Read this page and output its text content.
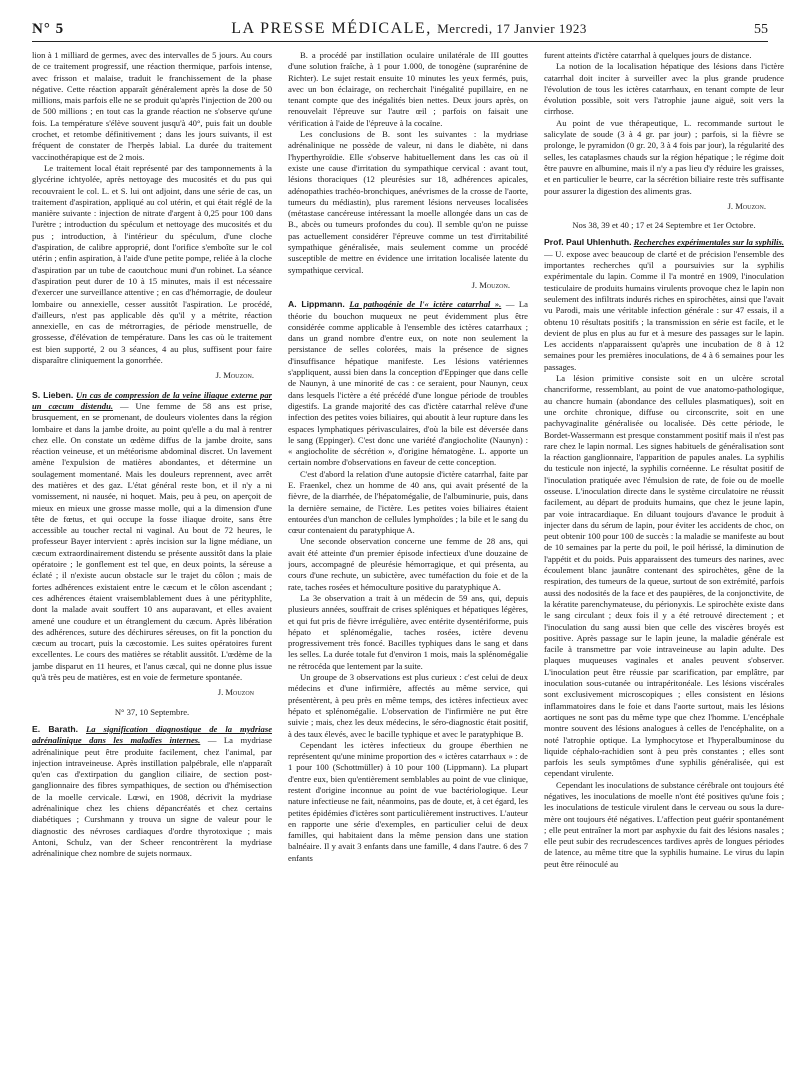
N° 5	LA PRESSE MÉDICALE, Mercredi, 17 Janvier 1923	55

lion à 1 milliard de germes, avec des intervalles de 5 jours. Au cours de ce traitement progressif, une réaction thermique, parfois intense, avec frisson et malaise, traduit le franchissement de la phase négative. Cette réaction apparaît généralement après la dose de 50 millions, mais parfois elle ne se produit qu'après l'injection de 200 ou de 500 millions ; en tout cas la grande réaction ne s'observe qu'une fois. La température s'élève souvent jusqu'à 40°, puis fait un double crochet, et retombe définitivement ; dans les jours suivants, il est fréquent de constater de l'herpès labial. La durée du traitement vaccinothérapique est de 2 mois.

Le traitement local était représenté par des tamponnements à la glycérine ichtyolée, après nettoyage des mucosités et du pus qui recouvraient le col. L. et S. lui ont adjoint, dans une série de cas, un traitement d'aspiration, appliqué au col utérin, et qui était réglé de la manière suivante : injection de nitrate d'argent à 0,25 pour 100 dans l'urètre ; introduction du spéculum et nettoyage des mucosités et du pus ; introduction, à l'intérieur du spéculum, d'une cloche d'aspiration, de calibre approprié, dont l'orifice s'emboîte sur le col utérin ; enfin aspiration, à l'aide d'une petite pompe, reliée à la cloche d'aspiration par un tube de caoutchouc muni d'un robinet. La séance d'aspiration peut durer de 10 à 15 minutes, mais il est nécessaire d'exercer une surveillance attentive ; en cas d'hémorragie, de douleur lombaire ou annexielle, cesser aussitôt l'aspiration. Le procédé, d'ailleurs, n'est pas applicable dès qu'il y a métrite, réaction annexielle, en cas de métrorragies, de période menstruelle, de grossesse, d'élévation de température. Dans les cas où le traitement est bien supporté, 2 ou 3 séances, 4 au plus, suffisent pour faire disparaître cliniquement la gonorrhée.

J. Mouzon.

S. Lieben. Un cas de compression de la veine iliaque externe par un cæcum distendu. — Une femme de 58 ans est prise, brusquement, en se promenant, de douleurs violentes dans la région lombaire et dans la jambe droite, au point qu'elle a du mal à rentrer chez elle. On constate un œdème diffus de la jambe droite, sans réaction veineuse, et un météorisme abdominal discret. Un lavement amène l'expulsion de matières abondantes, et détermine un soulagement momentané. Mais les douleurs reprennent, avec arrêt des matières et des gaz. L'état général reste bon, et il n'y a ni vomissement, ni nausée, ni hoquet. Mais, peu à peu, on aperçoit de mieux en mieux une grosse masse molle, qui a la dimension d'une tête de fœtus, et qui occupe la fosse iliaque droite, sans être accessible au toucher rectal ni vaginal. Au bout de 72 heures, le professeur Bayer intervient : après incision sur la ligne médiane, un cæcum extraordinairement distendu se présente aussitôt dans la plaie opératoire ; le gonflement est tel que, en deux points, la séreuse a éclaté ; il n'existe aucun obstacle sur le trajet du côlon ; mais de fortes adhérences existaient entre le cæcum et le côlon ascendant ; ces adhérences étaient vraisemblablement dues à une pérityphlite, dont la malade avait souffert 10 ans auparavant, et elles avaient amené une coudure et un étranglement du cæcum. Après libération des adhérences, suture des déchirures séreuses, on fit la ponction du cæcum au trocart, puis la cæcostomie. Les suites opératoires furent excellentes. Le cours des matières se rétablit aussitôt. L'œdème de la jambe disparut en 11 heures, et l'anus cæcal, qui ne donne plus issue qu'à très peu de matières, est en voie de fermeture spontanée.

J. Mouzon
N° 37, 10 Septembre.

E. Barath. La signification diagnostique de la mydriase adrénalinique dans les maladies internes. — La mydriase adrénalinique peut être produite facilement, chez l'animal, par injection intraveineuse. Après instillation palpébrale, elle n'apparaît qu'en cas d'extirpation du ganglion ciliaire, de section post-ganglionnaire des fibres sympathiques, de section ou d'hémisection de la moelle cervicale. Lœwi, en 1908, décrivit la mydriase adrénalinique chez les chiens dépancréatés et chez certains diabétiques ; Curshmann y trouva un signe de valeur pour le diagnostic des névroses cardiaques d'ordre thyrotoxique ; mais Antoni, Schulz, van der Scheer rencontrèrent la mydriase adrénalinique chez nombre de sujets normaux.

B. a procédé par instillation oculaire unilatérale de III gouttes d'une solution fraîche, à 1 pour 1.000, de tonogène (suprarénine de Richter). Le sujet restait ensuite 10 minutes les yeux fermés, puis, avec un bon éclairage, on recherchait l'inégalité pupillaire, en ne tenant compte que des inégalités bien nettes. Deux jours après, on renouvelait l'épreuve sur l'autre œil ; parfois on faisait une vérification à l'aide de l'épreuve à la cocaïne.

Les conclusions de B. sont les suivantes : la mydriase adrénalinique ne possède de valeur, ni dans le diabète, ni dans l'hyperthyroïdie. Elle s'observe habituellement dans les cas où il existe une cause d'irritation du sympathique cervical : avant tout, lésions thoraciques (12 pleurésies sur 18, adhérences apicales, adénopathies trachéo-bronchiques, anévrismes de la crosse de l'aorte, tumeurs du médiastin), plus rarement lésions nerveuses localisées (métastase cancéreuse intéressant la moelle allongée dans un cas de B., abcès ou tumeurs profondes du cou). Il semble qu'on ne puisse pas actuellement considérer l'épreuve comme un test d'irritabilité sympathique généralisée, mais seulement comme un procédé susceptible de mettre en évidence une irritation localisée latente du sympathique cervical.

J. Mouzon.

A. Lippmann. La pathogénie de l'« ictère catarrhal ». — La théorie du bouchon muqueux ne peut évidemment plus être considérée comme applicable à l'ensemble des ictères catarrhaux ; dans un grand nombre d'entre eux, on note non seulement la persistance de selles colorées, mais la présence de signes d'insuffisance hépatique manifeste. Les lésions vatériennes s'appliquent, aussi bien dans la conception d'Eppinger que dans celle de Naunyn, à une minorité de cas : ce seraient, pour Naunyn, ceux dans lesquels l'ictère a été précédé d'une longue période de troubles digestifs. La grande majorité des cas d'ictère catarrhal relève d'une infection des petites voies biliaires, qui aboutit à leur rupture dans les espaces lymphatiques périvasculaires, d'où la bile est déversée dans le sang (Eppinger). C'est donc une variété d'angiocholite (Naunyn) : « angiocholite de sécrétion », d'origine hématogène. L. apporte un certain nombre d'observations en faveur de cette conception.

C'est d'abord la relation d'une autopsie d'ictère catarrhal, faite par E. Fraenkel, chez un homme de 40 ans, qui avait présenté de la fièvre, de la diarrhée, de l'hépatomégalie, de l'albuminurie, puis, dans la dernière semaine, de l'ictère. Les petites voies biliaires étaient entourées d'un manchon de cellules lymphoïdes ; la bile et le sang du cœur contenaient du paratyphique A.

Une seconde observation concerne une femme de 28 ans, qui avait été atteinte d'un premier épisode infectieux d'une douzaine de jours, accompagné de pleurésie hémorragique, et qui présenta, au cours d'une rechute, un subictère, avec tuméfaction du foie et de la rate, taches rosées et hémoculture positive du paratyphique A.

La 3e observation a trait à un médecin de 59 ans, qui, depuis plusieurs années, souffrait de crises spléniques et hépatiques légères, et qui fut pris de fièvre irrégulière, avec entérite dysentériforme, puis hépato et splénomégalie, taches rosées, ictère devenu progressivement très foncé. Bacilles typhiques dans le sang et dans les selles. La durée totale fut d'environ 1 mois, mais la splénomégalie ne rétrocéda que lentement par la suite.

Un groupe de 3 observations est plus curieux : c'est celui de deux médecins et d'une infirmière, affectés au même service, qui présentèrent, à peu près en même temps, des ictères infectieux avec hépato et splénomégalie. L'observation de l'infirmière ne put être suivie ; mais, chez les deux médecins, le séro-diagnostic était positif, à des taux élevés, avec le bacille typhique et avec le paratyphique B.

Cependant les ictères infectieux du groupe éberthien ne représentent qu'une minime proportion des « ictères catarrhaux » : de 1 pour 100 (Schottmüller) à 10 pour 100 (Lippmann). La plupart d'entre eux, bien qu'entièrement semblables au point de vue clinique, restent d'origine inconnue au point de vue bactériologique. Leur nature infectieuse ne fait, néanmoins, pas de doute, et, à cet égard, les petites épidémies d'ictères sont particulièrement instructives. L'auteur en rapporte une série d'exemples, en particulier celui de deux familles, qui habitaient dans la même pension dans une station balnéaire. Il y avait 3 enfants dans une famille, 4 dans l'autre. 6 des 7 enfants

furent atteints d'ictère catarrhal à quelques jours de distance.

La notion de la localisation hépatique des lésions dans l'ictère catarrhal doit inciter à surveiller avec la plus grande prudence l'évolution de tous les ictères catarrhaux, en tenant compte de leur évolution possible, soit vers l'atrophie jaune aiguë, soit vers la cirrhose.

Au point de vue thérapeutique, L. recommande surtout le salicylate de soude (3 à 4 gr. par jour) ; parfois, si la fièvre se prolonge, le pyramidon (0 gr. 20, 3 à 4 fois par jour), la régularité des selles, les cataplasmes chauds sur la région hépatique ; le régime doit être pauvre en albumine, mais il n'y a pas lieu d'y réduire les graisses, et en particulier le beurre, car la sécrétion biliaire reste très suffisante pour assurer la digestion des aliments gras.

J. Mouzon.
Nos 38, 39 et 40 ; 17 et 24 Septembre et 1er Octobre.

Prof. Paul Uhlenhuth. Recherches expérimentales sur la syphilis. — U. expose avec beaucoup de clarté et de précision l'ensemble des importantes recherches qu'il a poursuivies sur la syphilis expérimentale du lapin. Comme il l'a montré en 1909, l'inoculation testiculaire de produits humains virulents provoque chez le lapin non seulement des infiltrats indurés riches en spirochètes, ainsi que l'avait vu Parodi, mais une véritable infection générale : sur 47 essais, il a obtenu 10 résultats positifs ; la transmission en série est facile, et le devient de plus en plus au fur et à mesure des passages sur le lapin. Les accidents n'apparaissent qu'après une incubation de 8 à 12 semaines pour les premières inoculations, de 4 à 6 semaines pour les passages.

La lésion primitive consiste soit en un ulcère scrotal chancriforme, ressemblant, au point de vue anatomo-pathologique, au chancre humain (abondance des cellules plasmatiques), soit en une orchite chronique, diffuse ou circonscrite, soit en une pachyvaginalite généralisée ou localisée. Dès cette période, le Bordet-Wassermann est presque constamment positif mais il n'est pas rare chez le lapin normal. Les signes habituels de généralisation sont la réaction ganglionnaire, l'apparition de papules anales. La syphilis du testicule non injecté, la syphilis cornéenne. Le résultat positif de l'inoculation pratiquée avec l'émulsion de rate, de foie ou de moelle osseuse. L'inoculation directe dans le système circulatoire ne réussit facilement, au départ de produits humains, que chez le jeune lapin, par voie intracardiaque. En diluant toujours d'avance le produit à injecter dans du sérum de lapin, pour éviter les accidents de choc, on peut obtenir 100 pour 100 de succès : la maladie se manifeste au bout de 10 semaines par la perte du poil, le poil hérissé, la diminution de l'appétit et du poids. Puis apparaissent des tumeurs des narines, avec écoulement blanc jaunâtre contenant des spirochètes, gêne de la respiration, des tumeurs de la queue, surtout de son extrémité, parfois aussi des nodosités de la face et des paupières, de la conjonctivite, de la kératite parenchymateuse, du périonyxis. Le spirochète existe dans le sang circulant ; deux fois il y a été retrouvé directement ; et l'inoculation du sang aussi bien que celle des viscères broyés est positive. Après passage sur le lapin jeune, la maladie générale est facile à transmettre par voie intraveineuse au lapin adulte. Des plaques muqueuses vaginales et anales peuvent s'observer. L'inoculation peut être réussie par scarification, par emplâtre, par inoculation sous-cutanée ou intrapéritonéale. Les lésions viscérales sont exclusivement microscopiques ; elles consistent en lésions inflammatoires dans le foie et dans l'aorte surtout, mais les lésions aortiques ne sont pas du même type que chez l'homme. L'encéphale montre souvent des lésions analogues à celles de l'encéphalite, on a noté l'atrophie optique. La lymphocytose et l'hyperalbuminose du liquide céphalo-rachidien sont à peu près constantes ; elles sont parfois les seuls symptômes d'une syphilis généralisée, qui est cependant virulente.

Cependant les inoculations de substance cérébrale ont toujours été négatives, les inoculations de moelle n'ont été positives qu'une fois ; les inoculations de testicule virulent dans le cerveau ou sous la dure-mère ont toujours été négatives. L'affection peut guérir spontanément ; elle peut entraîner la mort par asphyxie du fait des lésions nasales ; elle peut subir des recrudescences tardives après de longues périodes de latence, au même titre que la syphilis humaine. Le virus du lapin peut être réinoculé au
